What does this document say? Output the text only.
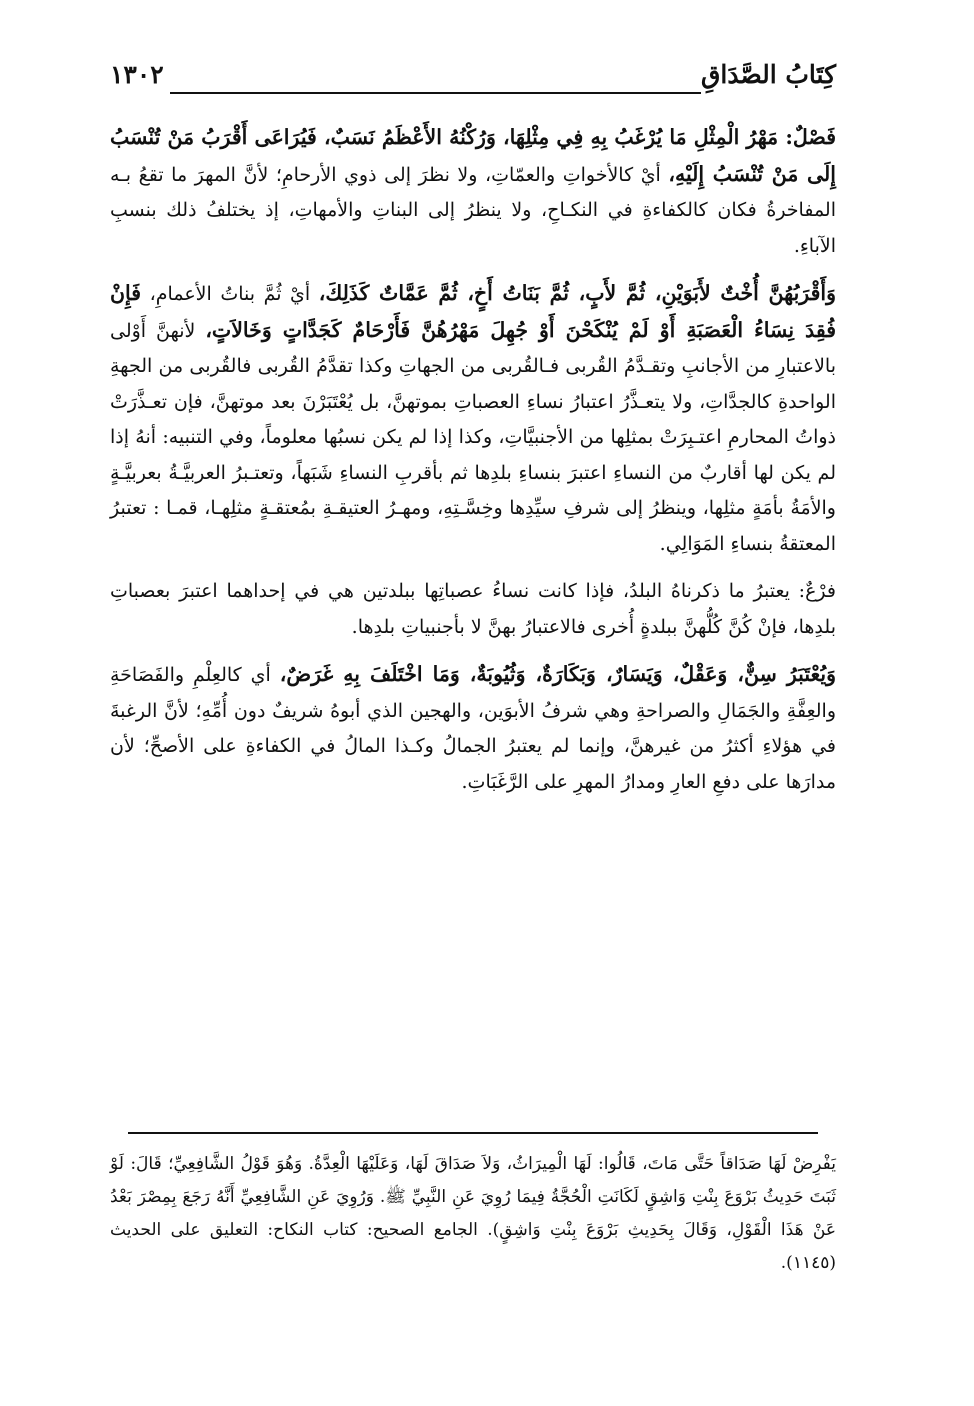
كِتَابُ الصَّدَاقِ
١٣٠٢

فَصْلٌ: مَهْرُ الْمِثْلِ مَا يُرْغَبُ بِهِ فِي مِثْلِهَا، وَرُكْنُهُ الأَعْظَمُ نَسَبٌ، فَيُرَاعَى أَقْرَبُ مَنْ تُنْسَبُ إِلَى مَنْ تُنْسَبُ إِلَيْهِ، أيْ كالأخواتِ والعمّاتِ، ولا نظرَ إلى ذوي الأرحامِ؛ لأنَّ المهرَ ما تقعُ بـه المفاخرةُ فكان كالكفاءةِ في النكـاحِ، ولا ينظرُ إلى البناتِ والأمهاتِ، إذ يختلفُ ذلك بنسبِ الآباءِ.

وَأَقْرَبُهُنَّ أُخْتٌ لأَبَوَيْنِ، ثُمَّ لأَبٍ، ثُمَّ بَنَاتُ أَخٍ، ثُمَّ عَمَّاتٌ كَذَلِكَ، أيْ ثُمَّ بناتُ الأعمامِ، فَإِنْ فُقِدَ نِسَاءُ الْعَصَبَةِ أَوْ لَمْ يُنْكَحْنَ أَوْ جُهِلَ مَهْرُهُنَّ فَأَرْحَامٌ كَجَدَّاتٍ وَخَالاَتٍ، لأنهنَّ أَوْلى بالاعتبارِ من الأجانبِ وتقـدَّمُ القُربى فـالقُربى من الجهاتِ وكذا تقدَّمُ القُربى فالقُربى من الجهةِ الواحدةِ كالجدَّاتِ، ولا يتعـذَّرُ اعتبارُ نساءِ العصباتِ بموتهنَّ، بل يُعْتَبَرْنَ بعد موتهنَّ، فإن تعـذَّرَتْ ذواتُ المحارمِ اعتـبِرَتْ بمثلِها من الأجنبيَّاتِ، وكذا إذا لم يكن نسبُها معلوماً، وفي التنبيه: أنهُ إذا لم يكن لها أقاربٌ من النساءِ اعتبرَ بنساءِ بلدِها ثم بأقربِ النساءِ شَبَهاً، وتعتـبرُ العربيَّـةُ بعربيَّـةٍ والأمَةُ بأمَةٍ مثلِها، وينظرُ إلى شرفِ سيِّدِها وخِسَّـتِهِ، ومهـرُ العتيقـةِ بمُعتقـةٍ مثلِهـا، قمـا : تعتبرُ المعتقةُ بنساءِ المَوَالِي.

فرْعٌ: يعتبرُ ما ذكرناهُ البلدُ، فإذا كانت نساءُ عصباتِها ببلدتين هي في إحداهما اعتبرَ بعصباتِ بلدِها، فإنْ كُنَّ كُلُّهنَّ ببلدةٍ أُخرى فالاعتبارُ بهنَّ لا بأجنبياتِ بلدِها.

وَيُعْتَبَرُ سِنٌّ، وَعَقْلٌ، وَيَسَارٌ، وَبَكَارَةٌ، وَثُيُوبَةٌ، وَمَا اخْتَلَفَ بِهِ غَرَضٌ، أي كالعِلْمِ والفَصَاحَةِ والعِفَّةِ والجَمَالِ والصراحةِ وهي شرفُ الأبوَين، والهجين الذي أبوهُ شريفٌ دون أُمِّهِ؛ لأنَّ الرغبةَ في هؤلاءِ أكثرُ من غيرهنَّ، وإنما لم يعتبرُ الجمالُ وكـذا المالُ في الكفاءةِ على الأصحِّ؛ لأن مدارَها على دفعِ العارِ ومدارُ المهرِ على الرَّغَبَاتِ.

يَفْرِضْ لَهَا صَدَاقاً حَتَّى مَاتَ، قَالُوا: لَهَا الْمِيرَاثُ، وَلاَ صَدَاقَ لَهَا، وَعَلَيْهَا الْعِدَّةُ. وَهُوَ قَوْلُ الشَّافِعِيِّ؛ قَالَ: لَوْ ثَبَتَ حَدِيثُ بَرْوَعَ بِنْتِ وَاشِقٍ لَكَانَتِ الْحُجَّةُ فِيمَا رُوِيَ عَنِ النَّبِيِّ ﷺ. وَرُوِيَ عَنِ الشَّافِعِيِّ أَنَّهُ رَجَعَ بِمِصْرَ بَعْدُ عَنْ هَذَا الْقَوْلِ، وَقَالَ بِحَدِيثِ بَرْوَعَ بِنْتِ وَاشِقٍ). الجامع الصحيح: كتاب النكاح: التعليق على الحديث (١١٤٥).
